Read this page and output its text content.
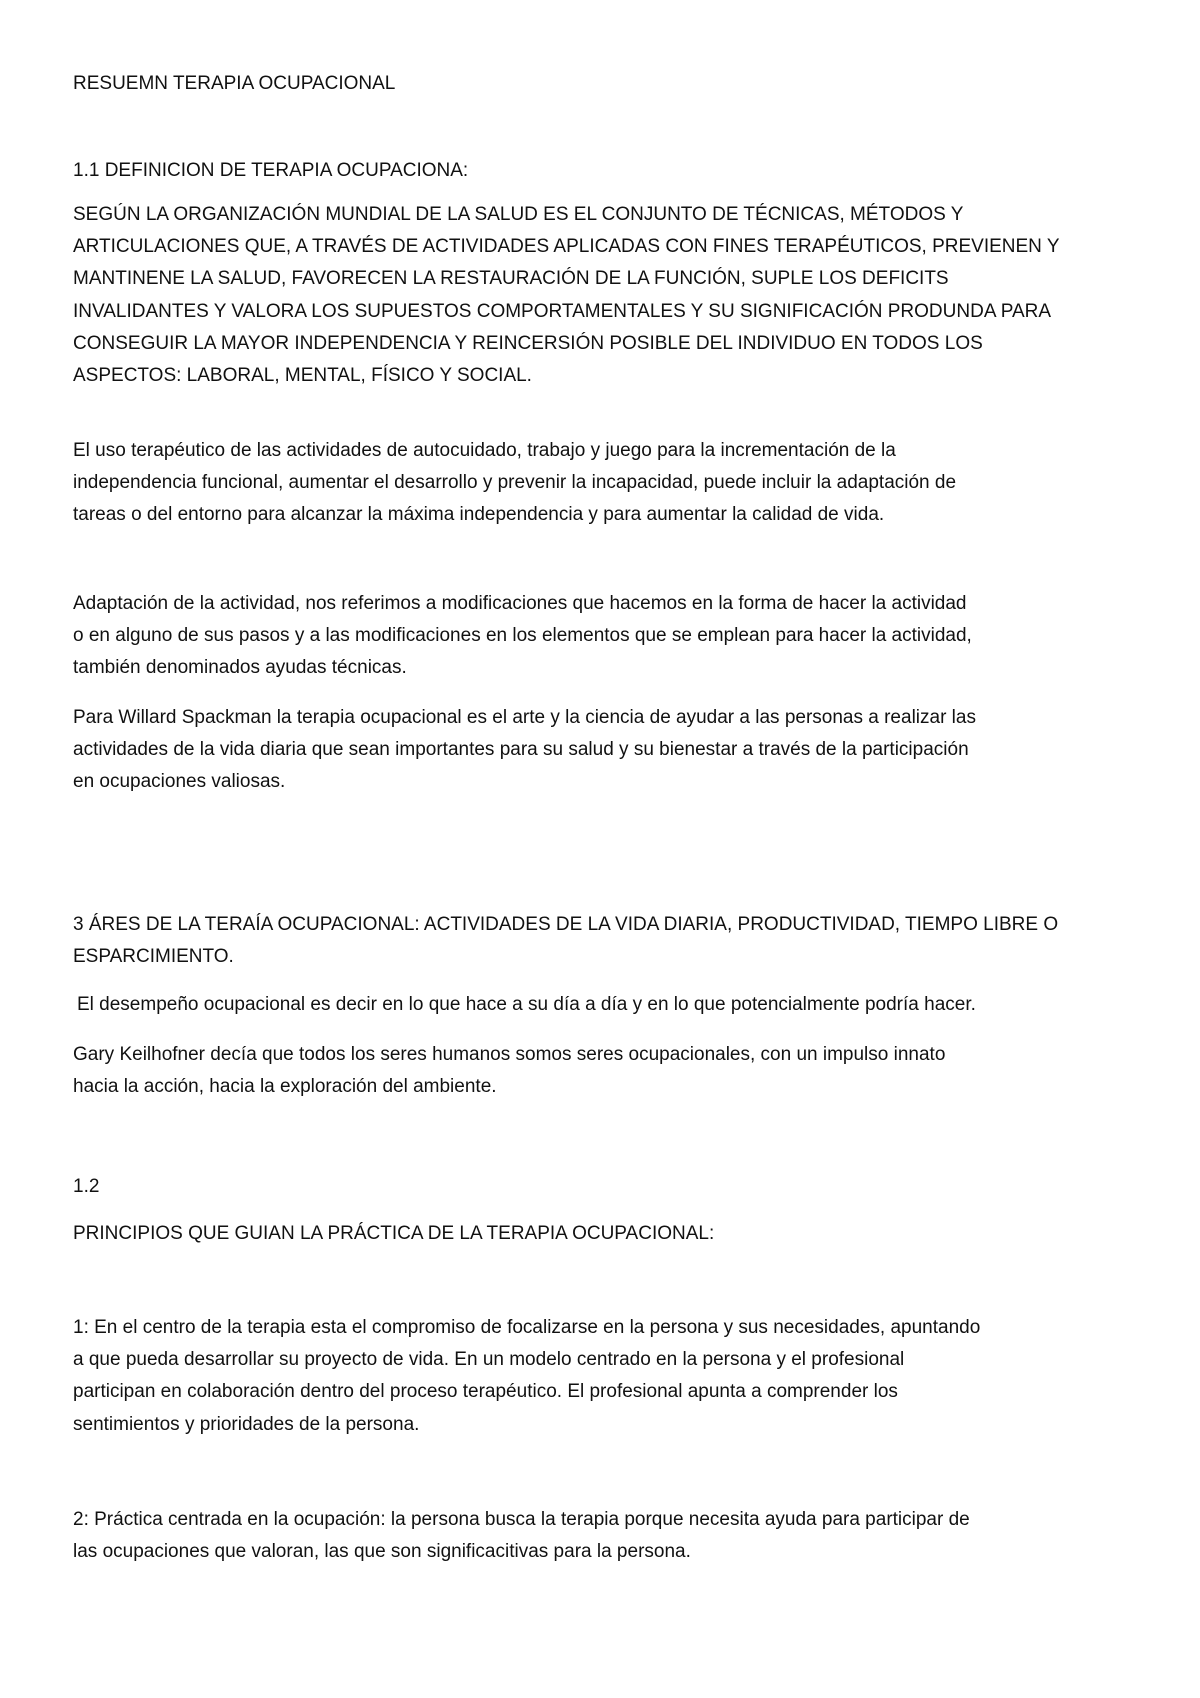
RESUEMN TERAPIA OCUPACIONAL

1.1 DEFINICION DE TERAPIA OCUPACIONA:

SEGÚN LA ORGANIZACIÓN MUNDIAL DE LA SALUD ES EL CONJUNTO DE TÉCNICAS, MÉTODOS Y
ARTICULACIONES QUE, A TRAVÉS DE ACTIVIDADES APLICADAS CON FINES TERAPÉUTICOS, PREVIENEN Y
MANTINENE LA SALUD, FAVORECEN LA RESTAURACIÓN DE LA FUNCIÓN, SUPLE LOS DEFICITS
INVALIDANTES Y VALORA LOS SUPUESTOS COMPORTAMENTALES Y SU SIGNIFICACIÓN PRODUNDA PARA
CONSEGUIR LA MAYOR INDEPENDENCIA Y REINCERSIÓN POSIBLE DEL INDIVIDUO EN TODOS LOS
ASPECTOS: LABORAL, MENTAL, FÍSICO Y SOCIAL.
El uso terapéutico de las actividades de autocuidado, trabajo y juego para la incrementación de la
independencia funcional, aumentar el desarrollo y prevenir la incapacidad, puede incluir la adaptación de
tareas o del entorno para alcanzar la máxima independencia y para aumentar la calidad de vida.
Adaptación de la actividad, nos referimos a modificaciones que hacemos en la forma de hacer la actividad
o en alguno de sus pasos y a las modificaciones en los elementos que se emplean para hacer la actividad,
también denominados ayudas técnicas.
Para Willard Spackman la terapia ocupacional es el arte y la ciencia de ayudar a las personas a realizar las
actividades de la vida diaria que sean importantes para su salud y su bienestar a través de la participación
en ocupaciones valiosas.
3 ÁRES DE LA TERAÍA OCUPACIONAL: ACTIVIDADES DE LA VIDA DIARIA, PRODUCTIVIDAD, TIEMPO LIBRE O
ESPARCIMIENTO.

El desempeño ocupacional es decir en lo que hace a su día a día y en lo que potencialmente podría hacer.

Gary Keilhofner decía que todos los seres humanos somos seres ocupacionales, con un impulso innato
hacia la acción, hacia la exploración del ambiente.

1.2

PRINCIPIOS QUE GUIAN LA PRÁCTICA DE LA TERAPIA OCUPACIONAL:

1: En el centro de la terapia esta el compromiso de focalizarse en la persona y sus necesidades, apuntando
a que pueda desarrollar su proyecto de vida. En un modelo centrado en la persona y el profesional
participan en colaboración dentro del proceso terapéutico. El profesional apunta a comprender los
sentimientos y prioridades de la persona.
2: Práctica centrada en la ocupación: la persona busca la terapia porque necesita ayuda para participar de
las ocupaciones que valoran, las que son significacitivas para la persona.
